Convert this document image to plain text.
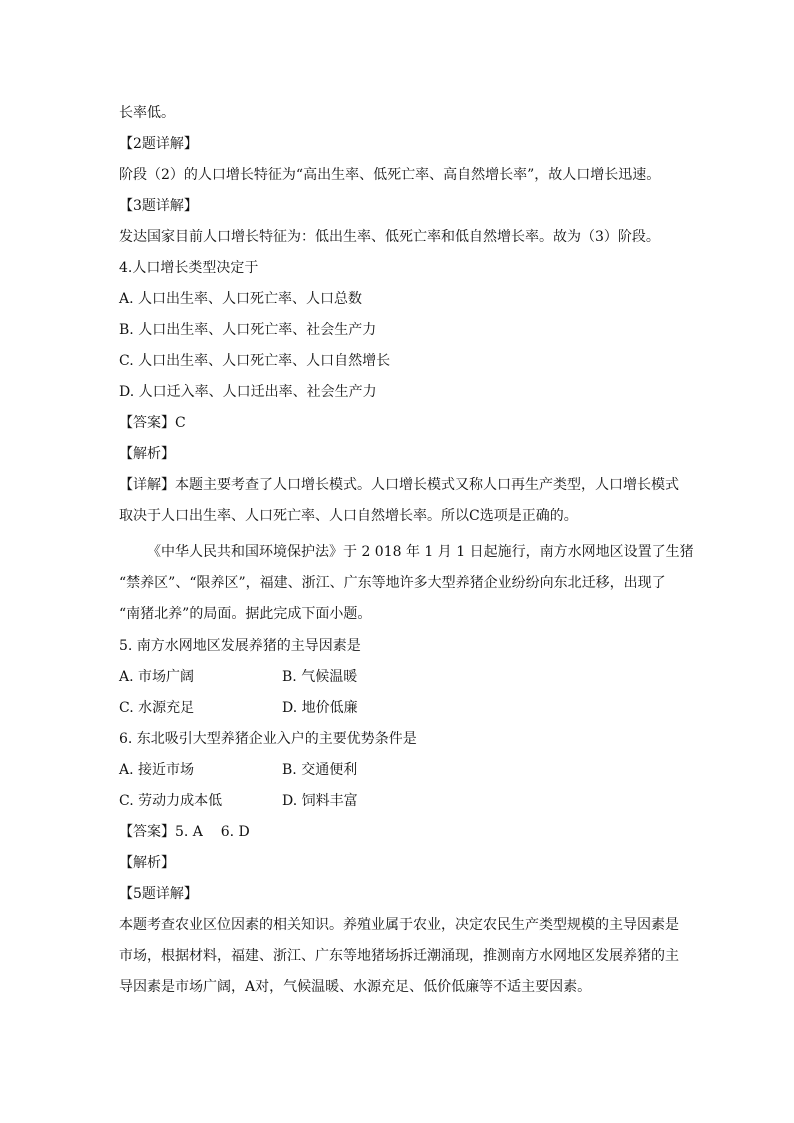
长率低。
【2题详解】
阶段（2）的人口增长特征为“高出生率、低死亡率、高自然增长率”，故人口增长迅速。
【3题详解】
发达国家目前人口增长特征为：低出生率、低死亡率和低自然增长率。故为（3）阶段。
4.人口增长类型决定于
A. 人口出生率、人口死亡率、人口总数
B. 人口出生率、人口死亡率、社会生产力
C. 人口出生率、人口死亡率、人口自然增长
D. 人口迁入率、人口迁出率、社会生产力
【答案】C
【解析】
【详解】本题主要考查了人口增长模式。人口增长模式又称人口再生产类型，人口增长模式
取决于人口出生率、人口死亡率、人口自然增长率。所以C选项是正确的。
《中华人民共和国环境保护法》于 2 018 年 1 月 1 日起施行，南方水网地区设置了生猪
“禁养区”、“限养区”，福建、浙江、广东等地许多大型养猪企业纷纷向东北迁移，出现了
“南猪北养”的局面。据此完成下面小题。
5. 南方水网地区发展养猪的主导因素是
A. 市场广阔	B. 气候温暖
C. 水源充足	D. 地价低廉
6. 东北吸引大型养猪企业入户的主要优势条件是
A. 接近市场	B. 交通便利
C. 劳动力成本低	D. 饲料丰富
【答案】5. A    6. D
【解析】
【5题详解】
本题考查农业区位因素的相关知识。养殖业属于农业，决定农民生产类型规模的主导因素是
市场，根据材料，福建、浙江、广东等地猪场拆迁潮涌现，推测南方水网地区发展养猪的主
导因素是市场广阔，A对，气候温暖、水源充足、低价低廉等不适主要因素。
